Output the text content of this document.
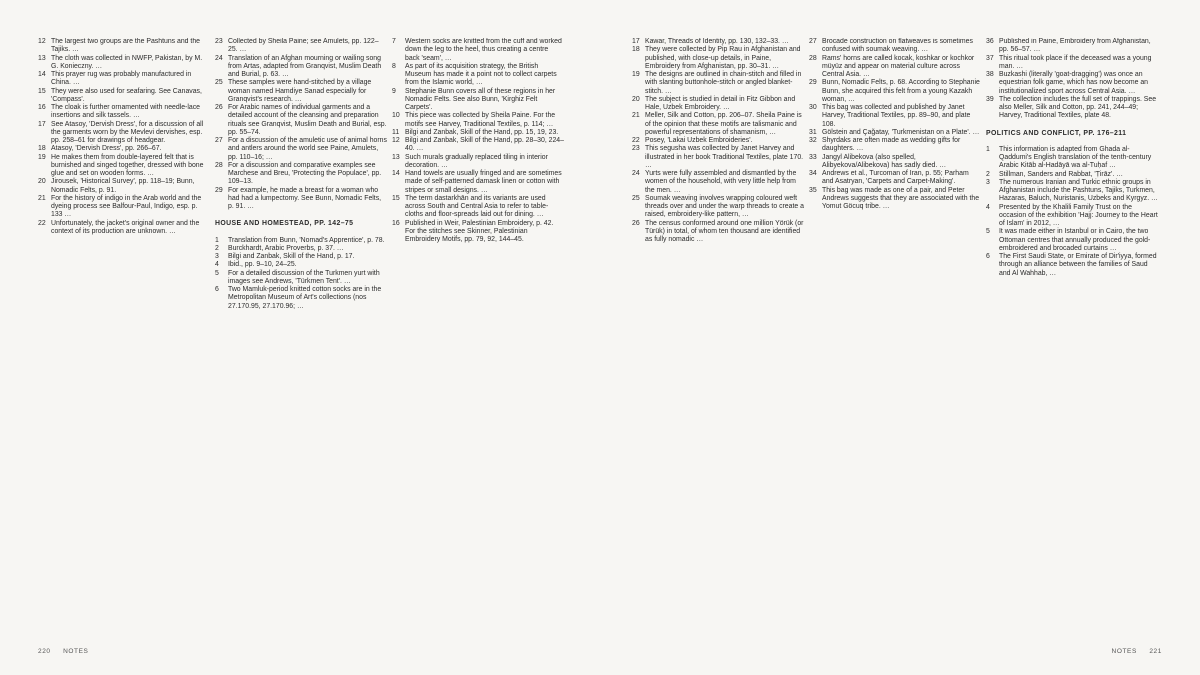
12 The largest two groups are the Pashtuns and the Tajiks. …
13 The cloth was collected in NWFP, Pakistan, by M. G. Konieczny. …
14 This prayer rug was probably manufactured in China. …
15 They were also used for seafaring. See Canavas, 'Compass'.
16 The cloak is further ornamented with needle-lace insertions and silk tassels. …
17 See Atasoy, 'Dervish Dress', for a discussion of all the garments worn by the Mevlevi dervishes, esp. pp. 258–61 for drawings of headgear.
18 Atasoy, 'Dervish Dress', pp. 266–67.
19 He makes them from double-layered felt that is burnished and singed together, dressed with bone glue and set on wooden forms. …
20 Jirousek, 'Historical Survey', pp. 118–19; Bunn, Nomadic Felts, p. 91.
21 For the history of indigo in the Arab world and the dyeing process see Balfour-Paul, Indigo, esp. p. 133 …
22 Unfortunately, the jacket's original owner and the context of its production are unknown. …
23 Collected by Sheila Paine; see Amulets, pp. 122–25. …
24 Translation of an Afghan mourning or wailing song from Artas, adapted from Granqvist, Muslim Death and Burial, p. 63. …
25 These samples were hand-stitched by a village woman named Hamdiye Sanad especially for Granqvist's research. …
26 For Arabic names of individual garments and a detailed account of the cleansing and preparation rituals see Granqvist, Muslim Death and Burial, esp. pp. 55–74.
27 For a discussion of the amuletic use of animal horns and antlers around the world see Paine, Amulets, pp. 110–16; …
28 For a discussion and comparative examples see Marchese and Breu, 'Protecting the Populace', pp. 109–13.
29 For example, he made a breast for a woman who had had a lumpectomy. See Bunn, Nomadic Felts, p. 91. …
HOUSE AND HOMESTEAD, PP. 142–75
1	Translation from Bunn, 'Nomad's Apprentice', p. 78.
2	Burckhardt, Arabic Proverbs, p. 37. …
3	Bilgi and Zanbak, Skill of the Hand, p. 17.
4	Ibid., pp. 9–10, 24–25.
5	For a detailed discussion of the Turkmen yurt with images see Andrews, 'Türkmen Tent'. …
6	Two Mamluk-period knitted cotton socks are in the Metropolitan Museum of Art's collections (nos 27.170.95, 27.170.96; …
7	Western socks are knitted from the cuff and worked down the leg to the heel, thus creating a centre back 'seam', …
8	As part of its acquisition strategy, the British Museum has made it a point not to collect carpets from the Islamic world, …
9	Stephanie Bunn covers all of these regions in her Nomadic Felts. See also Bunn, 'Kirghiz Felt Carpets'.
10 This piece was collected by Sheila Paine. For the motifs see Harvey, Traditional Textiles, p. 114; …
11 Bilgi and Zanbak, Skill of the Hand, pp. 15, 19, 23.
12 Bilgi and Zanbak, Skill of the Hand, pp. 28–30, 224–40. …
13 Such murals gradually replaced tiling in interior decoration. …
14 Hand towels are usually fringed and are sometimes made of self-patterned damask linen or cotton with stripes or small designs. …
15 The term dastarkhān and its variants are used across South and Central Asia to refer to table-cloths and floor-spreads laid out for dining. …
16 Published in Weir, Palestinian Embroidery, p. 42. For the stitches see Skinner, Palestinian Embroidery Motifs, pp. 79, 92, 144–45.
17 Kawar, Threads of Identity, pp. 130, 132–33. …
18 They were collected by Pip Rau in Afghanistan and published, with close-up details, in Paine, Embroidery from Afghanistan, pp. 30–31. …
19 The designs are outlined in chain-stitch and filled in with slanting buttonhole-stitch or angled blanket-stitch. …
20 The subject is studied in detail in Fitz Gibbon and Hale, Uzbek Embroidery. …
21 Meller, Silk and Cotton, pp. 206–07. Sheila Paine is of the opinion that these motifs are talismanic and powerful representations of shamanism, …
22 Posey, 'Lakai Uzbek Embroideries'.
23 This segusha was collected by Janet Harvey and illustrated in her book Traditional Textiles, plate 170. …
24 Yurts were fully assembled and dismantled by the women of the household, with very little help from the men. …
25 Soumak weaving involves wrapping coloured weft threads over and under the warp threads to create a raised, embroidery-like pattern, …
26 The census conformed around one million Yörük (or Türük) in total, of whom ten thousand are identified as fully nomadic …
27 Brocade construction on flatweaves is sometimes confused with soumak weaving. …
28 Rams' horns are called kocak, koshkar or kochkor müyüz and appear on material culture across Central Asia. …
29 Bunn, Nomadic Felts, p. 68. According to Stephanie Bunn, she acquired this felt from a young Kazakh woman, …
30 This bag was collected and published by Janet Harvey, Traditional Textiles, pp. 89–90, and plate 108.
31 Gölstein and Çağatay, 'Turkmenistan on a Plate'. …
32 Shyrdaks are often made as wedding gifts for daughters. …
33 Jangyl Alibekova (also spelled, Alibyekova/Alibekova) has sadly died. …
34 Andrews et al., Turcoman of Iran, p. 55; Parham and Asatryan, 'Carpets and Carpet-Making'.
35 This bag was made as one of a pair, and Peter Andrews suggests that they are associated with the Yomut Göcuq tribe. …
36 Published in Paine, Embroidery from Afghanistan, pp. 56–57. …
37 This ritual took place if the deceased was a young man. …
38 Buzkashi (literally 'goat-dragging') was once an equestrian folk game, which has now become an institutionalized sport across Central Asia. …
39 The collection includes the full set of trappings. See also Meller, Silk and Cotton, pp. 241, 244–49; Harvey, Traditional Textiles, plate 48.
POLITICS AND CONFLICT, PP. 176–211
1	This information is adapted from Ghada al-Qaddumi's English translation of the tenth-century Arabic Kitāb al-Hadāyā wa al-Tuḥaf …
2	Stillman, Sanders and Rabbat, 'Ṭirāz'. …
3	The numerous Iranian and Turkic ethnic groups in Afghanistan include the Pashtuns, Tajiks, Turkmen, Hazaras, Baluch, Nuristanis, Uzbeks and Kyrgyz. …
4	Presented by the Khalili Family Trust on the occasion of the exhibition 'Hajj: Journey to the Heart of Islam' in 2012, …
5	It was made either in Istanbul or in Cairo, the two Ottoman centres that annually produced the gold-embroidered and brocaded curtains …
6	The First Saudi State, or Emirate of Dir'iyya, formed through an alliance between the families of Saud and Al Wahhab, …
220 NOTES	NOTES 221
